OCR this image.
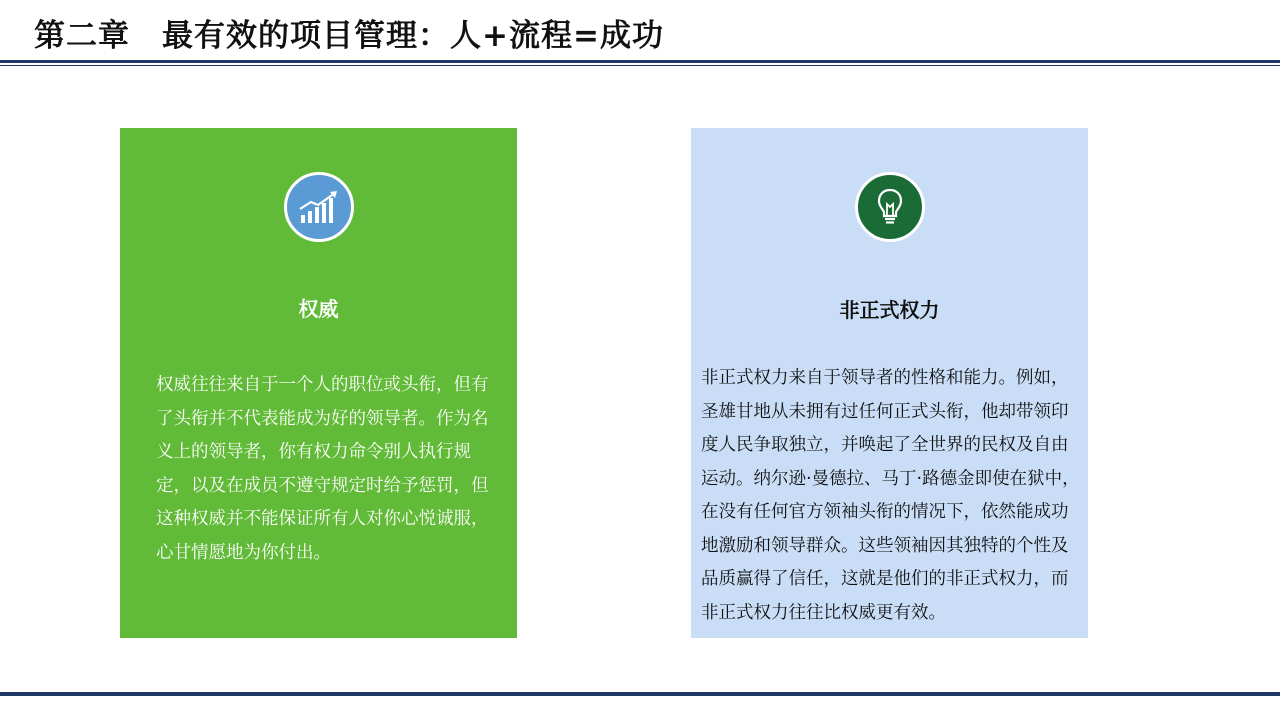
第二章　最有效的项目管理：人+流程=成功
权威
权威往往来自于一个人的职位或头衔，但有了头衔并不代表能成为好的领导者。作为名义上的领导者，你有权力命令别人执行规定，以及在成员不遵守规定时给予惩罚，但这种权威并不能保证所有人对你心悦诚服，心甘情愿地为你付出。
非正式权力
非正式权力来自于领导者的性格和能力。例如，圣雄甘地从未拥有过任何正式头衔，他却带领印度人民争取独立，并唤起了全世界的民权及自由运动。纳尔逊·曼德拉、马丁·路德金即使在狱中，在没有任何官方领袖头衔的情况下，依然能成功地激励和领导群众。这些领袖因其独特的个性及品质赢得了信任，这就是他们的非正式权力，而非正式权力往往比权威更有效。
